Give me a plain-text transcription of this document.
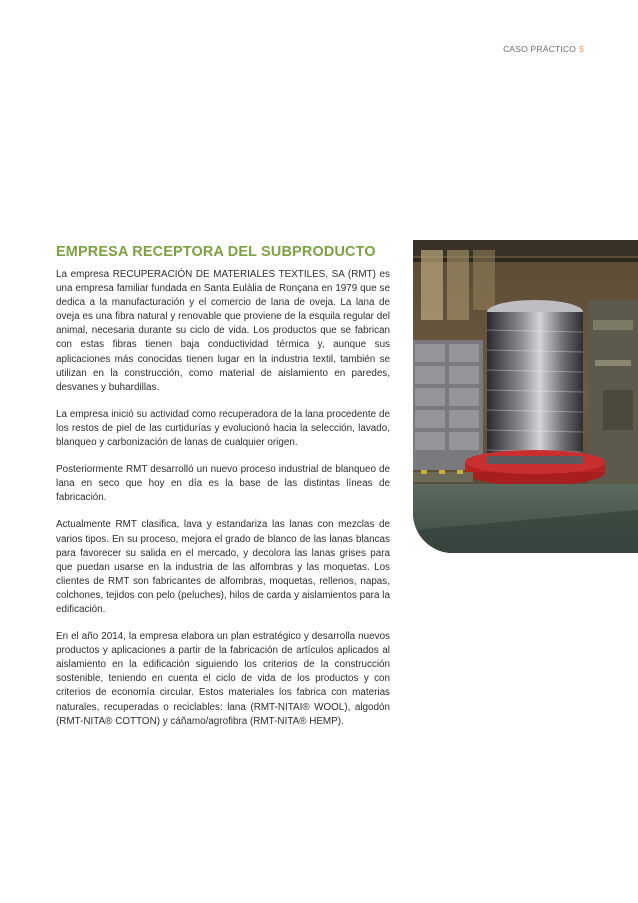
CASO PRÁCTICO 5
EMPRESA RECEPTORA DEL SUBPRODUCTO

La empresa RECUPERACIÓN DE MATERIALES TEXTILES, SA (RMT) es una empresa familiar fundada en Santa Eulàlia de Ronçana en 1979 que se dedica a la manufacturación y el comercio de lana de oveja. La lana de oveja es una fibra natural y renovable que proviene de la esquila regular del animal, necesaria durante su ciclo de vida. Los productos que se fabrican con estas fibras tienen baja conductividad térmica y, aunque sus aplicaciones más conocidas tienen lugar en la industria textil, también se utilizan en la construcción, como material de aislamiento en paredes, desvanes y buhardillas.

La empresa inició su actividad como recuperadora de la lana procedente de los restos de piel de las curtidurías y evolucionó hacia la selección, lavado, blanqueo y carbonización de lanas de cualquier origen.

Posteriormente RMT desarrolló un nuevo proceso industrial de blanqueo de lana en seco que hoy en día es la base de las distintas líneas de fabricación.

Actualmente RMT clasifica, lava y estandariza las lanas con mezclas de varios tipos. En su proceso, mejora el grado de blanco de las lanas blancas para favorecer su salida en el mercado, y decolora las lanas grises para que puedan usarse en la industria de las alfombras y las moquetas. Los clientes de RMT son fabricantes de alfombras, moquetas, rellenos, napas, colchones, tejidos con pelo (peluches), hilos de carda y aislamientos para la edificación.

En el año 2014, la empresa elabora un plan estratégico y desarrolla nuevos productos y aplicaciones a partir de la fabricación de artículos aplicados al aislamiento en la edificación siguiendo los criterios de la construcción sostenible, teniendo en cuenta el ciclo de vida de los productos y con criterios de economía circular. Estos materiales los fabrica con materias naturales, recuperadas o reciclables: lana (RMT-NITAI® WOOL), algodón (RMT-NITA® COTTON) y cáñamo/agrofibra (RMT-NITA® HEMP).
